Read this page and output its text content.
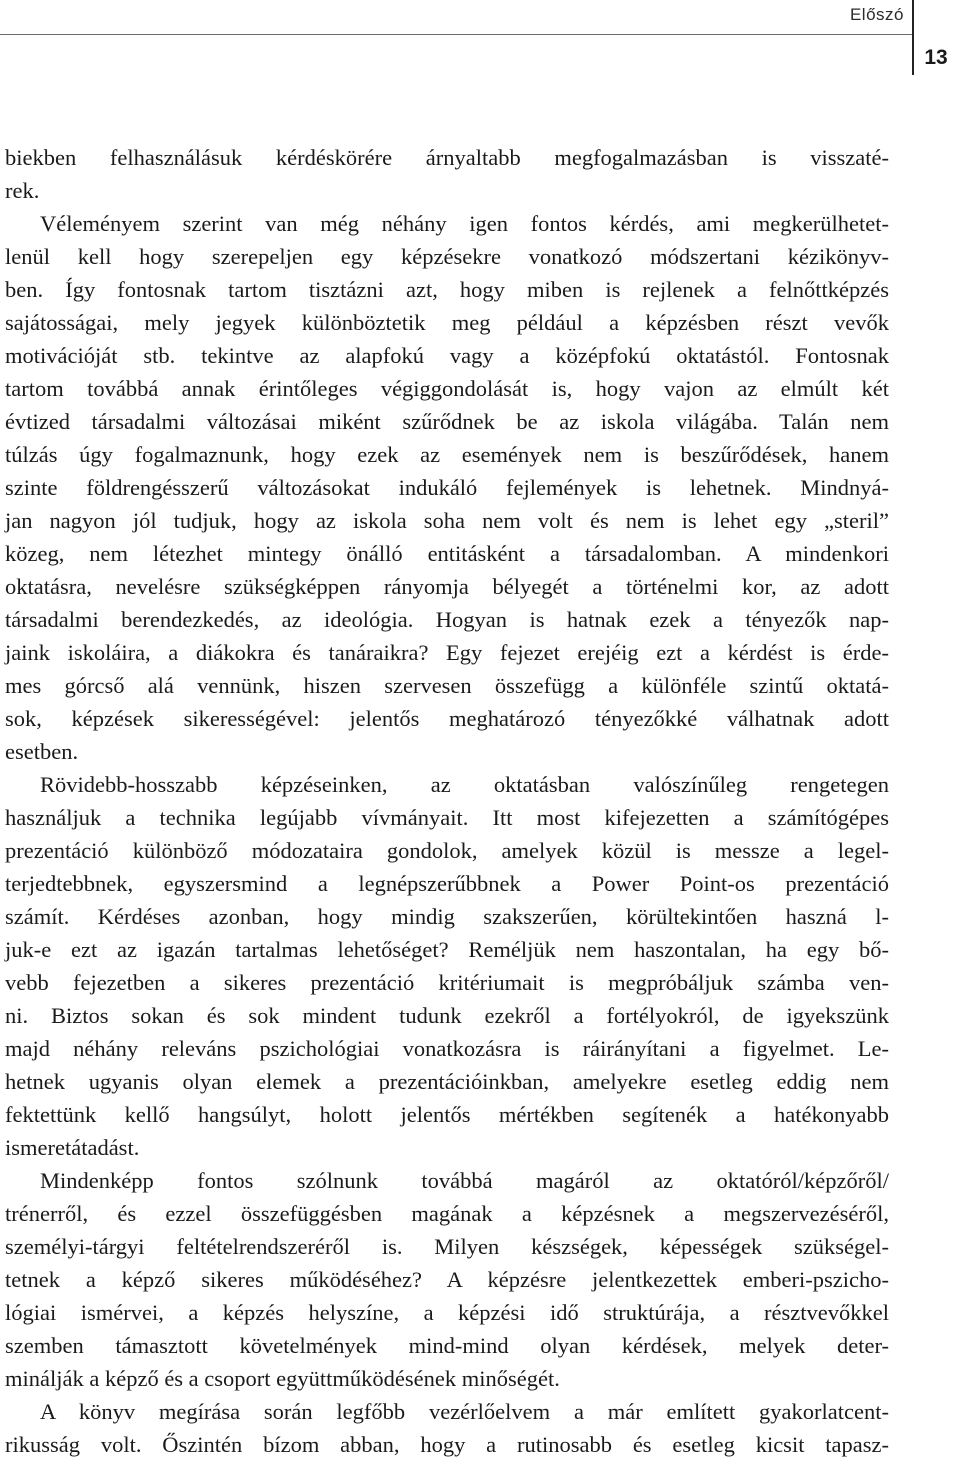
Előszó
13
biekben felhasználásuk kérdéskörére árnyaltabb megfogalmazásban is visszaté-
rek.
Véleményem szerint van még néhány igen fontos kérdés, ami megkerülhetet-
lenül kell hogy szerepeljen egy képzésekre vonatkozó módszertani kézikönyv-
ben. Így fontosnak tartom tisztázni azt, hogy miben is rejlenek a felnőttképzés
sajátosságai, mely jegyek különböztetik meg például a képzésben részt vevők
motivációját stb. tekintve az alapfokú vagy a középfokú oktatástól. Fontosnak
tartom továbbá annak érintőleges végiggondolását is, hogy vajon az elmúlt két
évtized társadalmi változásai miként szűrődnek be az iskola világába. Talán nem
túlzás úgy fogalmaznunk, hogy ezek az események nem is beszűrődések, hanem
szinte földrengésszerű változásokat indukáló fejlemények is lehetnek. Mindnyá-
jan nagyon jól tudjuk, hogy az iskola soha nem volt és nem is lehet egy „steril”
közeg, nem létezhet mintegy önálló entitásként a társadalomban. A mindenkori
oktatásra, nevelésre szükségképpen rányomja bélyegét a történelmi kor, az adott
társadalmi berendezkedés, az ideológia. Hogyan is hatnak ezek a tényezők nap-
jaink iskoláira, a diákokra és tanáraikra? Egy fejezet erejéig ezt a kérdést is érde-
mes górcső alá vennünk, hiszen szervesen összefügg a különféle szintű oktatá-
sok, képzések sikerességével: jelentős meghatározó tényezőkké válhatnak adott
esetben.
Rövidebb-hosszabb képzéseinken, az oktatásban valószínűleg rengetegen
használjuk a technika legújabb vívmányait. Itt most kifejezetten a számítógépes
prezentáció különböző módozataira gondolok, amelyek közül is messze a legel-
terjedtebbnek, egyszersmind a legnépszerűbbnek a Power Point-os prezentáció
számít. Kérdéses azonban, hogy mindig szakszerűen, körültekintően haszná l-
juk-e ezt az igazán tartalmas lehetőséget? Reméljük nem haszontalan, ha egy bő-
vebb fejezetben a sikeres prezentáció kritériumait is megpróbáljuk számba ven-
ni. Biztos sokan és sok mindent tudunk ezekről a fortélyokról, de igyekszünk
majd néhány releváns pszichológiai vonatkozásra is ráirányítani a figyelmet. Le-
hetnek ugyanis olyan elemek a prezentációinkban, amelyekre esetleg eddig nem
fektettünk kellő hangsúlyt, holott jelentős mértékben segítenék a hatékonyabb
ismeretátadást.
Mindenképp fontos szólnunk továbbá magáról az oktatóról/képzőről/
trénerről, és ezzel összefüggésben magának a képzésnek a megszervezéséről,
személyi-tárgyi feltételrendszeréről is. Milyen készségek, képességek szükségel-
tetnek a képző sikeres működéséhez? A képzésre jelentkezettek emberi-pszicho-
lógiai ismérvei, a képzés helyszíne, a képzési idő struktúrája, a résztvevőkkel
szemben támasztott követelmények mind-mind olyan kérdések, melyek deter-
minálják a képző és a csoport együttműködésének minőségét.
A könyv megírása során legfőbb vezérlőelvem a már említett gyakorlatcent-
rikusság volt. Őszintén bízom abban, hogy a rutinosabb és esetleg kicsit tapasz-
